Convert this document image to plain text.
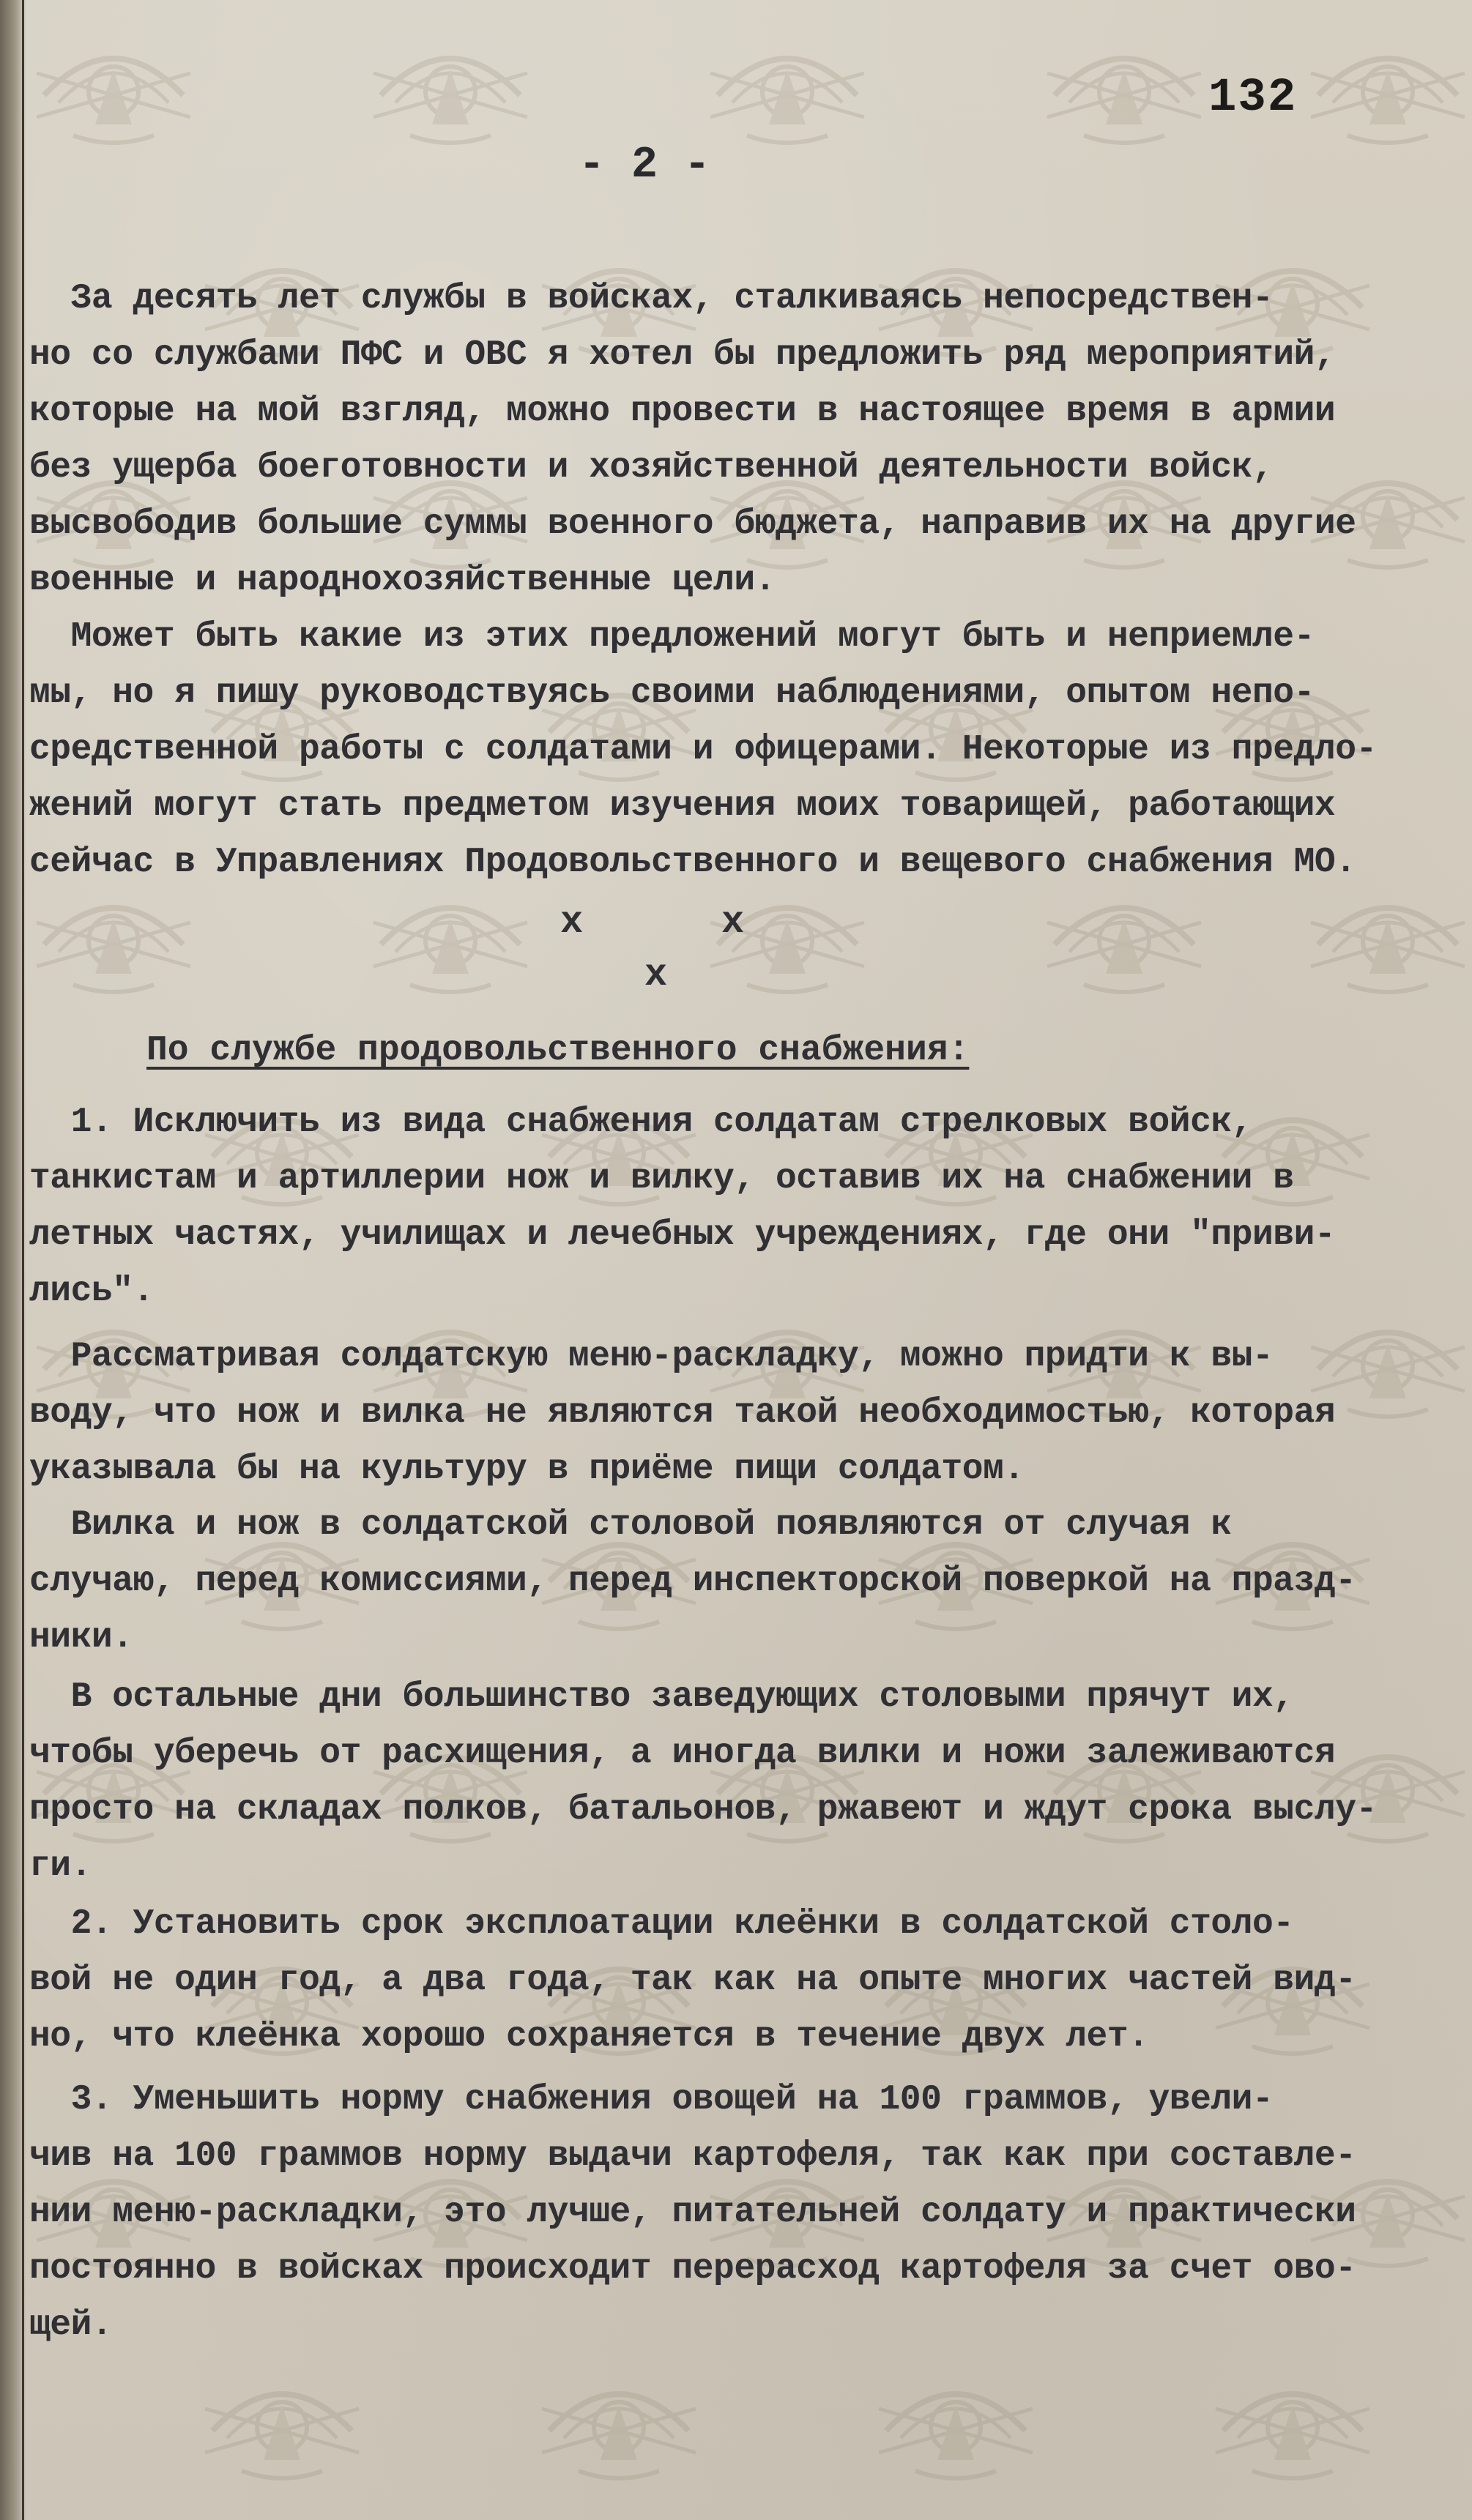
132
- 2 -

За десять лет службы в войсках, сталкиваясь непосредствен-
но со службами ПФС и ОВС я хотел бы предложить ряд мероприятий,
которые на мой взгляд, можно провести в настоящее время в армии
без ущерба боеготовности и хозяйственной деятельности войск,
высвободив большие суммы военного бюджета, направив их на другие
военные и народнохозяйственные цели.

Может быть какие из этих предложений могут быть и неприемле-
мы, но я пишу руководствуясь своими наблюдениями, опытом непо-
средственной работы с солдатами и офицерами. Некоторые из предло-
жений могут стать предметом изучения моих товарищей, работающих
сейчас в Управлениях Продовольственного и вещевого снабжения МО.

x	x
x
По службе продовольственного снабжения:

1. Исключить из вида снабжения солдатам стрелковых войск,
танкистам и артиллерии нож и вилку, оставив их на снабжении в
летных частях, училищах и лечебных учреждениях, где они "приви-
лись".

Рассматривая солдатскую меню-раскладку, можно придти к вы-
воду, что нож и вилка не являются такой необходимостью, которая
указывала бы на культуру в приёме пищи солдатом.

Вилка и нож в солдатской столовой появляются от случая к
случаю, перед комиссиями, перед инспекторской поверкой на празд-
ники.

В остальные дни большинство заведующих столовыми прячут их,
чтобы уберечь от расхищения, а иногда вилки и ножи залеживаются
просто на складах полков, батальонов, ржавеют и ждут срока выслу-
ги.

2. Установить срок эксплоатации клеёнки в солдатской столо-
вой не один год, а два года, так как на опыте многих частей вид-
но, что клеёнка хорошо сохраняется в течение двух лет.

3. Уменьшить норму снабжения овощей на 100 граммов, увели-
чив на 100 граммов норму выдачи картофеля, так как при составле-
нии меню-раскладки, это лучше, питательней солдату и практически
постоянно в войсках происходит перерасход картофеля за счет ово-
щей.
